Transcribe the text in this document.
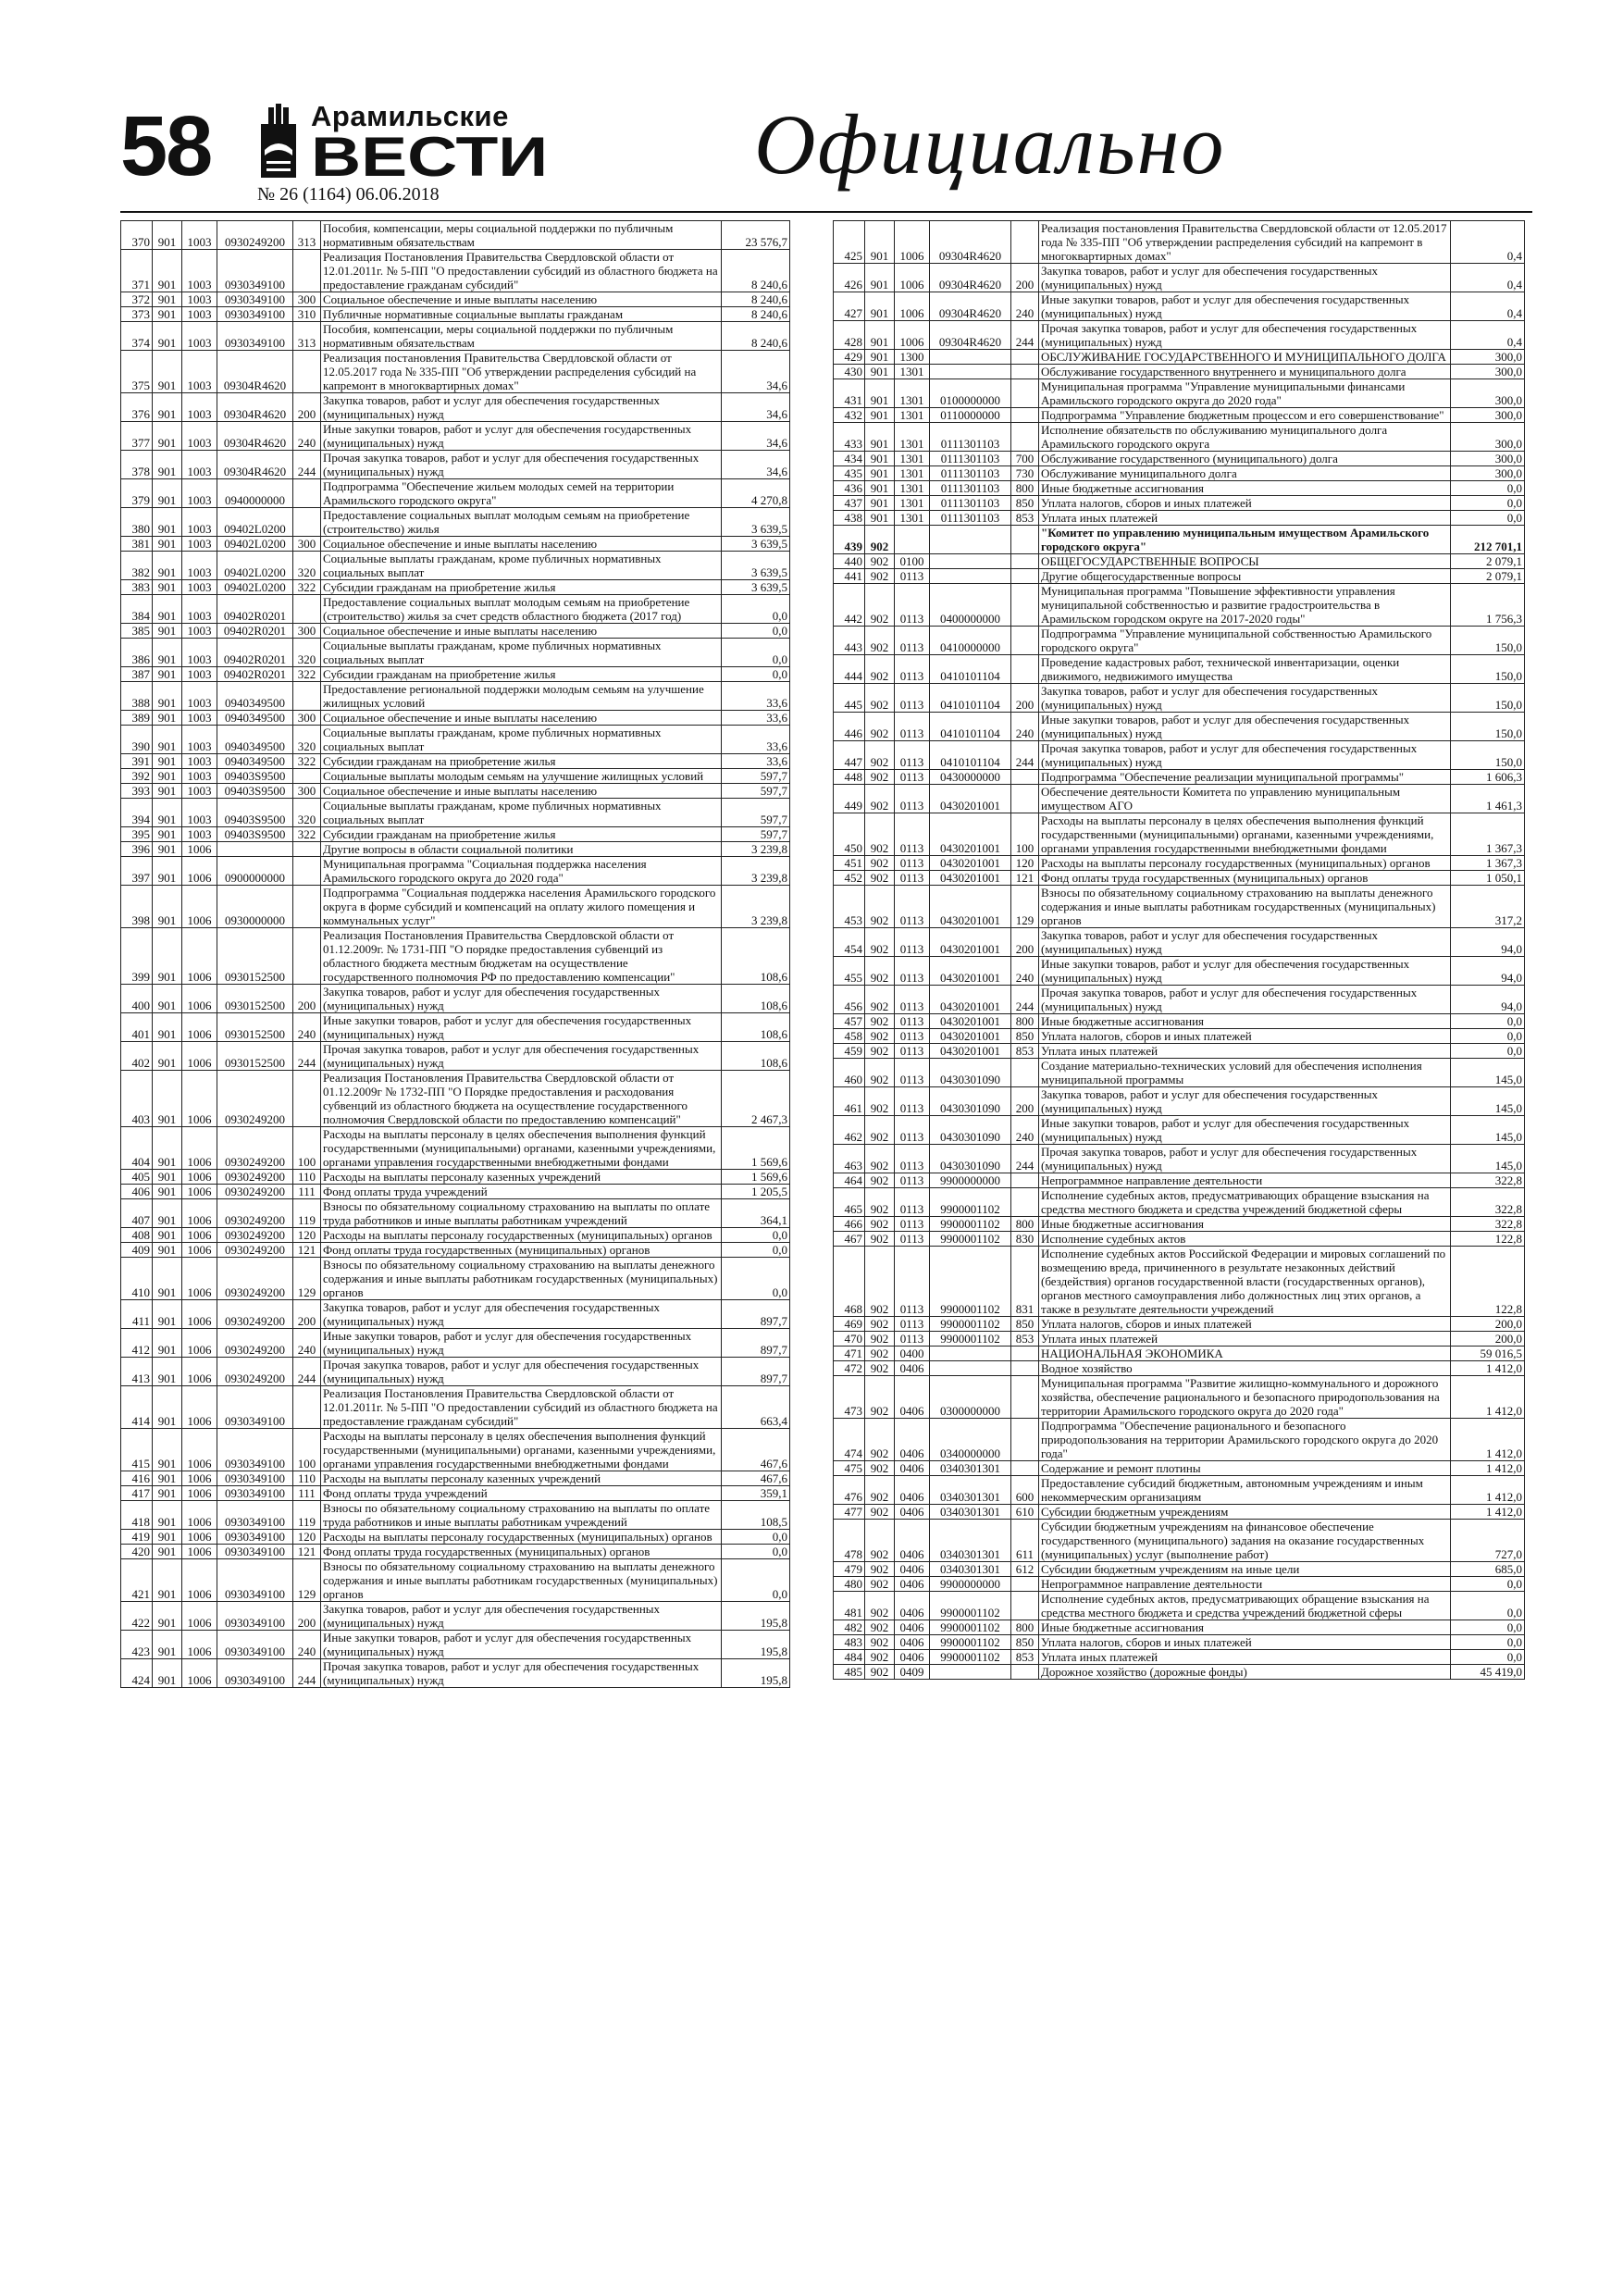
58	Арамильские
ВЕСТИ
№ 26 (1164) 06.06.2018
Официально
370	901	1003	0930249200	313	Пособия, компенсации, меры социальной поддержки по публичным нормативным обязательствам	23 576,7
371	901	1003	0930349100		Реализация Постановления Правительства Свердловской области от 12.01.2011г. № 5-ПП "О предоставлении субсидий из областного бюджета на предоставление гражданам субсидий"	8 240,6
372	901	1003	0930349100	300	Социальное обеспечение и иные выплаты населению	8 240,6
373	901	1003	0930349100	310	Публичные нормативные социальные выплаты гражданам	8 240,6
374	901	1003	0930349100	313	Пособия, компенсации, меры социальной поддержки по публичным нормативным обязательствам	8 240,6
375	901	1003	09304R4620		Реализация постановления Правительства Свердловской области от 12.05.2017 года № 335-ПП "Об утверждении распределения субсидий на капремонт в многоквартирных домах"	34,6
376	901	1003	09304R4620	200	Закупка товаров, работ и услуг для обеспечения государственных (муниципальных) нужд	34,6
377	901	1003	09304R4620	240	Иные закупки товаров, работ и услуг для обеспечения государственных (муниципальных) нужд	34,6
378	901	1003	09304R4620	244	Прочая закупка товаров, работ и услуг для обеспечения государственных (муниципальных) нужд	34,6
379	901	1003	0940000000		Подпрограмма "Обеспечение жильем молодых семей на территории Арамильского городского округа"	4 270,8
380	901	1003	09402L0200		Предоставление социальных выплат молодым семьям на приобретение (строительство) жилья	3 639,5
381	901	1003	09402L0200	300	Социальное обеспечение и иные выплаты населению	3 639,5
382	901	1003	09402L0200	320	Социальные выплаты гражданам, кроме публичных нормативных социальных выплат	3 639,5
383	901	1003	09402L0200	322	Субсидии гражданам на приобретение жилья	3 639,5
384	901	1003	09402R0201		Предоставление социальных выплат молодым семьям на приобретение (строительство) жилья за счет средств областного бюджета (2017 год)	0,0
385	901	1003	09402R0201	300	Социальное обеспечение и иные выплаты населению	0,0
386	901	1003	09402R0201	320	Социальные выплаты гражданам, кроме публичных нормативных социальных выплат	0,0
387	901	1003	09402R0201	322	Субсидии гражданам на приобретение жилья	0,0
388	901	1003	0940349500		Предоставление региональной поддержки молодым семьям на улучшение жилищных условий	33,6
389	901	1003	0940349500	300	Социальное обеспечение и иные выплаты населению	33,6
390	901	1003	0940349500	320	Социальные выплаты гражданам, кроме публичных нормативных социальных выплат	33,6
391	901	1003	0940349500	322	Субсидии гражданам на приобретение жилья	33,6
392	901	1003	09403S9500		Социальные выплаты молодым семьям на улучшение жилищных условий	597,7
393	901	1003	09403S9500	300	Социальное обеспечение и иные выплаты населению	597,7
394	901	1003	09403S9500	320	Социальные выплаты гражданам, кроме публичных нормативных социальных выплат	597,7
395	901	1003	09403S9500	322	Субсидии гражданам на приобретение жилья	597,7
396	901	1006			Другие вопросы в области социальной политики	3 239,8
397	901	1006	0900000000		Муниципальная программа "Социальная поддержка населения Арамильского городского округа до 2020 года"	3 239,8
398	901	1006	0930000000		Подпрограмма "Социальная поддержка населения Арамильского городского округа в форме субсидий и компенсаций на оплату жилого помещения и коммунальных услуг"	3 239,8
399	901	1006	0930152500		Реализация Постановления Правительства Свердловской области от 01.12.2009г. № 1731-ПП "О порядке предоставления субвенций из областного бюджета местным бюджетам на осуществление государственного полномочия РФ по предоставлению компенсации"	108,6
400	901	1006	0930152500	200	Закупка товаров, работ и услуг для обеспечения государственных (муниципальных) нужд	108,6
401	901	1006	0930152500	240	Иные закупки товаров, работ и услуг для обеспечения государственных (муниципальных) нужд	108,6
402	901	1006	0930152500	244	Прочая закупка товаров, работ и услуг для обеспечения государственных (муниципальных) нужд	108,6
403	901	1006	0930249200		Реализация Постановления Правительства Свердловской области от 01.12.2009г № 1732-ПП "О Порядке предоставления и расходования субвенций из областного бюджета на осуществление государственного полномочия Свердловской области по предоставлению компенсаций"	2 467,3
404	901	1006	0930249200	100	Расходы на выплаты персоналу в целях обеспечения выполнения функций государственными (муниципальными) органами, казенными учреждениями, органами управления государственными внебюджетными фондами	1 569,6
405	901	1006	0930249200	110	Расходы на выплаты персоналу казенных учреждений	1 569,6
406	901	1006	0930249200	111	Фонд оплаты труда учреждений	1 205,5
407	901	1006	0930249200	119	Взносы по обязательному социальному страхованию на выплаты по оплате труда работников и иные выплаты работникам учреждений	364,1
408	901	1006	0930249200	120	Расходы на выплаты персоналу государственных (муниципальных) органов	0,0
409	901	1006	0930249200	121	Фонд оплаты труда государственных (муниципальных) органов	0,0
410	901	1006	0930249200	129	Взносы по обязательному социальному страхованию на выплаты денежного содержания и иные выплаты работникам государственных (муниципальных) органов	0,0
411	901	1006	0930249200	200	Закупка товаров, работ и услуг для обеспечения государственных (муниципальных) нужд	897,7
412	901	1006	0930249200	240	Иные закупки товаров, работ и услуг для обеспечения государственных (муниципальных) нужд	897,7
413	901	1006	0930249200	244	Прочая закупка товаров, работ и услуг для обеспечения государственных (муниципальных) нужд	897,7
414	901	1006	0930349100		Реализация Постановления Правительства Свердловской области от 12.01.2011г. № 5-ПП "О предоставлении субсидий из областного бюджета на предоставление гражданам субсидий"	663,4
415	901	1006	0930349100	100	Расходы на выплаты персоналу в целях обеспечения выполнения функций государственными (муниципальными) органами, казенными учреждениями, органами управления государственными внебюджетными фондами	467,6
416	901	1006	0930349100	110	Расходы на выплаты персоналу казенных учреждений	467,6
417	901	1006	0930349100	111	Фонд оплаты труда учреждений	359,1
418	901	1006	0930349100	119	Взносы по обязательному социальному страхованию на выплаты по оплате труда работников и иные выплаты работникам учреждений	108,5
419	901	1006	0930349100	120	Расходы на выплаты персоналу государственных (муниципальных) органов	0,0
420	901	1006	0930349100	121	Фонд оплаты труда государственных (муниципальных) органов	0,0
421	901	1006	0930349100	129	Взносы по обязательному социальному страхованию на выплаты денежного содержания и иные выплаты работникам государственных (муниципальных) органов	0,0
422	901	1006	0930349100	200	Закупка товаров, работ и услуг для обеспечения государственных (муниципальных) нужд	195,8
423	901	1006	0930349100	240	Иные закупки товаров, работ и услуг для обеспечения государственных (муниципальных) нужд	195,8
424	901	1006	0930349100	244	Прочая закупка товаров, работ и услуг для обеспечения государственных (муниципальных) нужд	195,8
425	901	1006	09304R4620		Реализация постановления Правительства Свердловской области от 12.05.2017 года № 335-ПП "Об утверждении распределения субсидий на капремонт в многоквартирных домах"	0,4
426	901	1006	09304R4620	200	Закупка товаров, работ и услуг для обеспечения государственных (муниципальных) нужд	0,4
427	901	1006	09304R4620	240	Иные закупки товаров, работ и услуг для обеспечения государственных (муниципальных) нужд	0,4
428	901	1006	09304R4620	244	Прочая закупка товаров, работ и услуг для обеспечения государственных (муниципальных) нужд	0,4
429	901	1300			ОБСЛУЖИВАНИЕ ГОСУДАРСТВЕННОГО И МУНИЦИПАЛЬНОГО ДОЛГА	300,0
430	901	1301			Обслуживание государственного внутреннего и муниципального долга	300,0
431	901	1301	0100000000		Муниципальная программа "Управление муниципальными финансами Арамильского городского округа до 2020 года"	300,0
432	901	1301	0110000000		Подпрограмма "Управление бюджетным процессом и его совершенствование"	300,0
433	901	1301	0111301103		Исполнение обязательств по обслуживанию муниципального долга Арамильского городского округа	300,0
434	901	1301	0111301103	700	Обслуживание государственного (муниципального) долга	300,0
435	901	1301	0111301103	730	Обслуживание муниципального долга	300,0
436	901	1301	0111301103	800	Иные бюджетные ассигнования	0,0
437	901	1301	0111301103	850	Уплата налогов, сборов и иных платежей	0,0
438	901	1301	0111301103	853	Уплата иных платежей	0,0
439	902				"Комитет по управлению муниципальным имуществом Арамильского городского округа"	212 701,1
440	902	0100			ОБЩЕГОСУДАРСТВЕННЫЕ ВОПРОСЫ	2 079,1
441	902	0113			Другие общегосударственные вопросы	2 079,1
442	902	0113	0400000000		Муниципальная программа "Повышение эффективности управления муниципальной собственностью и развитие градостроительства в Арамильском городском округе на 2017-2020 годы"	1 756,3
443	902	0113	0410000000		Подпрограмма "Управление муниципальной собственностью Арамильского городского округа"	150,0
444	902	0113	0410101104		Проведение кадастровых работ, технической инвентаризации, оценки движимого, недвижимого имущества	150,0
445	902	0113	0410101104	200	Закупка товаров, работ и услуг для обеспечения государственных (муниципальных) нужд	150,0
446	902	0113	0410101104	240	Иные закупки товаров, работ и услуг для обеспечения государственных (муниципальных) нужд	150,0
447	902	0113	0410101104	244	Прочая закупка товаров, работ и услуг для обеспечения государственных (муниципальных) нужд	150,0
448	902	0113	0430000000		Подпрограмма "Обеспечение реализации муниципальной программы"	1 606,3
449	902	0113	0430201001		Обеспечение деятельности Комитета по управлению муниципальным имуществом АГО	1 461,3
450	902	0113	0430201001	100	Расходы на выплаты персоналу в целях обеспечения выполнения функций государственными (муниципальными) органами, казенными учреждениями, органами управления государственными внебюджетными фондами	1 367,3
451	902	0113	0430201001	120	Расходы на выплаты персоналу государственных (муниципальных) органов	1 367,3
452	902	0113	0430201001	121	Фонд оплаты труда государственных (муниципальных) органов	1 050,1
453	902	0113	0430201001	129	Взносы по обязательному социальному страхованию на выплаты денежного содержания и иные выплаты работникам государственных (муниципальных) органов	317,2
454	902	0113	0430201001	200	Закупка товаров, работ и услуг для обеспечения государственных (муниципальных) нужд	94,0
455	902	0113	0430201001	240	Иные закупки товаров, работ и услуг для обеспечения государственных (муниципальных) нужд	94,0
456	902	0113	0430201001	244	Прочая закупка товаров, работ и услуг для обеспечения государственных (муниципальных) нужд	94,0
457	902	0113	0430201001	800	Иные бюджетные ассигнования	0,0
458	902	0113	0430201001	850	Уплата налогов, сборов и иных платежей	0,0
459	902	0113	0430201001	853	Уплата иных платежей	0,0
460	902	0113	0430301090		Создание материально-технических условий для обеспечения исполнения муниципальной программы	145,0
461	902	0113	0430301090	200	Закупка товаров, работ и услуг для обеспечения государственных (муниципальных) нужд	145,0
462	902	0113	0430301090	240	Иные закупки товаров, работ и услуг для обеспечения государственных (муниципальных) нужд	145,0
463	902	0113	0430301090	244	Прочая закупка товаров, работ и услуг для обеспечения государственных (муниципальных) нужд	145,0
464	902	0113	9900000000		Непрограммное направление деятельности	322,8
465	902	0113	9900001102		Исполнение судебных актов, предусматривающих обращение взыскания на средства местного бюджета и средства учреждений бюджетной сферы	322,8
466	902	0113	9900001102	800	Иные бюджетные ассигнования	322,8
467	902	0113	9900001102	830	Исполнение судебных актов	122,8
468	902	0113	9900001102	831	Исполнение судебных актов Российской Федерации и мировых соглашений по возмещению вреда, причиненного в результате незаконных действий (бездействия) органов государственной власти (государственных органов), органов местного самоуправления либо должностных лиц этих органов, а также в результате деятельности учреждений	122,8
469	902	0113	9900001102	850	Уплата налогов, сборов и иных платежей	200,0
470	902	0113	9900001102	853	Уплата иных платежей	200,0
471	902	0400			НАЦИОНАЛЬНАЯ ЭКОНОМИКА	59 016,5
472	902	0406			Водное хозяйство	1 412,0
473	902	0406	0300000000		Муниципальная программа "Развитие жилищно-коммунального и дорожного хозяйства, обеспечение рационального и безопасного природопользования на территории Арамильского городского округа до 2020 года"	1 412,0
474	902	0406	0340000000		Подпрограмма "Обеспечение рационального и безопасного природопользования на территории Арамильского городского округа до 2020 года"	1 412,0
475	902	0406	0340301301		Содержание и ремонт плотины	1 412,0
476	902	0406	0340301301	600	Предоставление субсидий бюджетным, автономным учреждениям и иным некоммерческим организациям	1 412,0
477	902	0406	0340301301	610	Субсидии бюджетным учреждениям	1 412,0
478	902	0406	0340301301	611	Субсидии бюджетным учреждениям на финансовое обеспечение государственного (муниципального) задания на оказание государственных (муниципальных) услуг (выполнение работ)	727,0
479	902	0406	0340301301	612	Субсидии бюджетным учреждениям на иные цели	685,0
480	902	0406	9900000000		Непрограммное направление деятельности	0,0
481	902	0406	9900001102		Исполнение судебных актов, предусматривающих обращение взыскания на средства местного бюджета и средства учреждений бюджетной сферы	0,0
482	902	0406	9900001102	800	Иные бюджетные ассигнования	0,0
483	902	0406	9900001102	850	Уплата налогов, сборов и иных платежей	0,0
484	902	0406	9900001102	853	Уплата иных платежей	0,0
485	902	0409			Дорожное хозяйство (дорожные фонды)	45 419,0
